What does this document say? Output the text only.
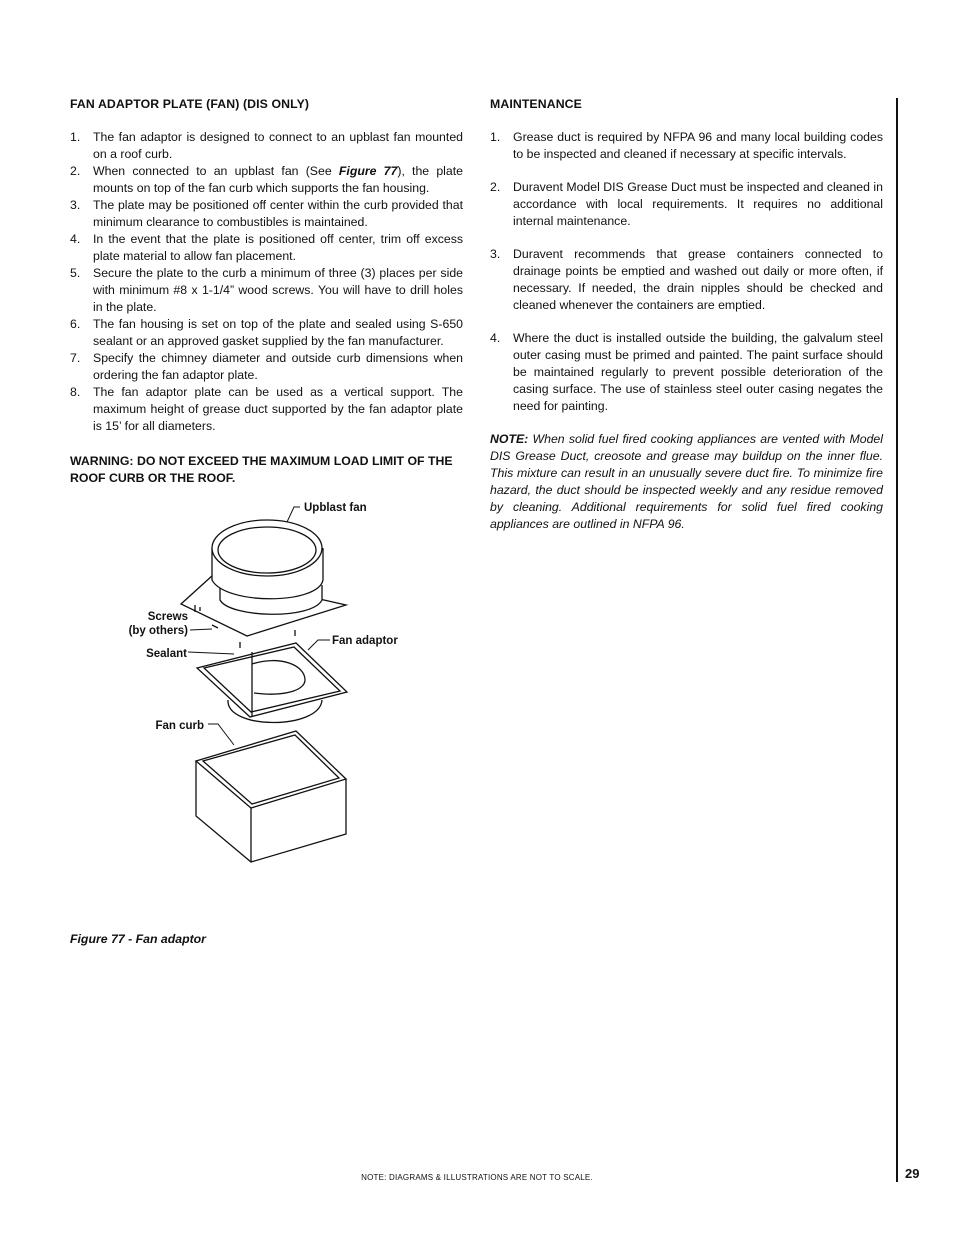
FAN ADAPTOR PLATE (FAN) (DIS ONLY)
1. The fan adaptor is designed to connect to an upblast fan mounted on a roof curb.
2. When connected to an upblast fan (See Figure 77), the plate mounts on top of the fan curb which supports the fan housing.
3. The plate may be positioned off center within the curb provided that minimum clearance to combustibles is maintained.
4. In the event that the plate is positioned off center, trim off excess plate material to allow fan placement.
5. Secure the plate to the curb a minimum of three (3) places per side with minimum #8 x 1-1/4” wood screws. You will have to drill holes in the plate.
6. The fan housing is set on top of the plate and sealed using S-650 sealant or an approved gasket supplied by the fan manufacturer.
7. Specify the chimney diameter and outside curb dimensions when ordering the fan adaptor plate.
8. The fan adaptor plate can be used as a vertical support. The maximum height of grease duct supported by the fan adaptor plate is 15’ for all diameters.
WARNING: DO NOT EXCEED THE MAXIMUM LOAD LIMIT OF THE ROOF CURB OR THE ROOF.
Upblast fan
Screws
(by others)
Sealant
Fan adaptor
Fan curb
Figure 77 - Fan adaptor
MAINTENANCE
1. Grease duct is required by NFPA 96 and many local building codes to be inspected and cleaned if necessary at specific intervals.
2. Duravent Model DIS Grease Duct must be inspected and cleaned in accordance with local requirements. It requires no additional internal maintenance.
3. Duravent recommends that grease containers connected to drainage points be emptied and washed out daily or more often, if necessary. If needed, the drain nipples should be checked and cleaned whenever the containers are emptied.
4. Where the duct is installed outside the building, the galvalum steel outer casing must be primed and painted. The paint surface should be maintained regularly to prevent possible deterioration of the casing surface. The use of stainless steel outer casing negates the need for painting.

NOTE: When solid fuel fired cooking appliances are vented with Model DIS Grease Duct, creosote and grease may buildup on the inner flue. This mixture can result in an unusually severe duct fire. To minimize fire hazard, the duct should be inspected weekly and any residue removed by cleaning. Additional requirements for solid fuel fired cooking appliances are outlined in NFPA 96.

NOTE: DIAGRAMS & ILLUSTRATIONS ARE NOT TO SCALE.	29
